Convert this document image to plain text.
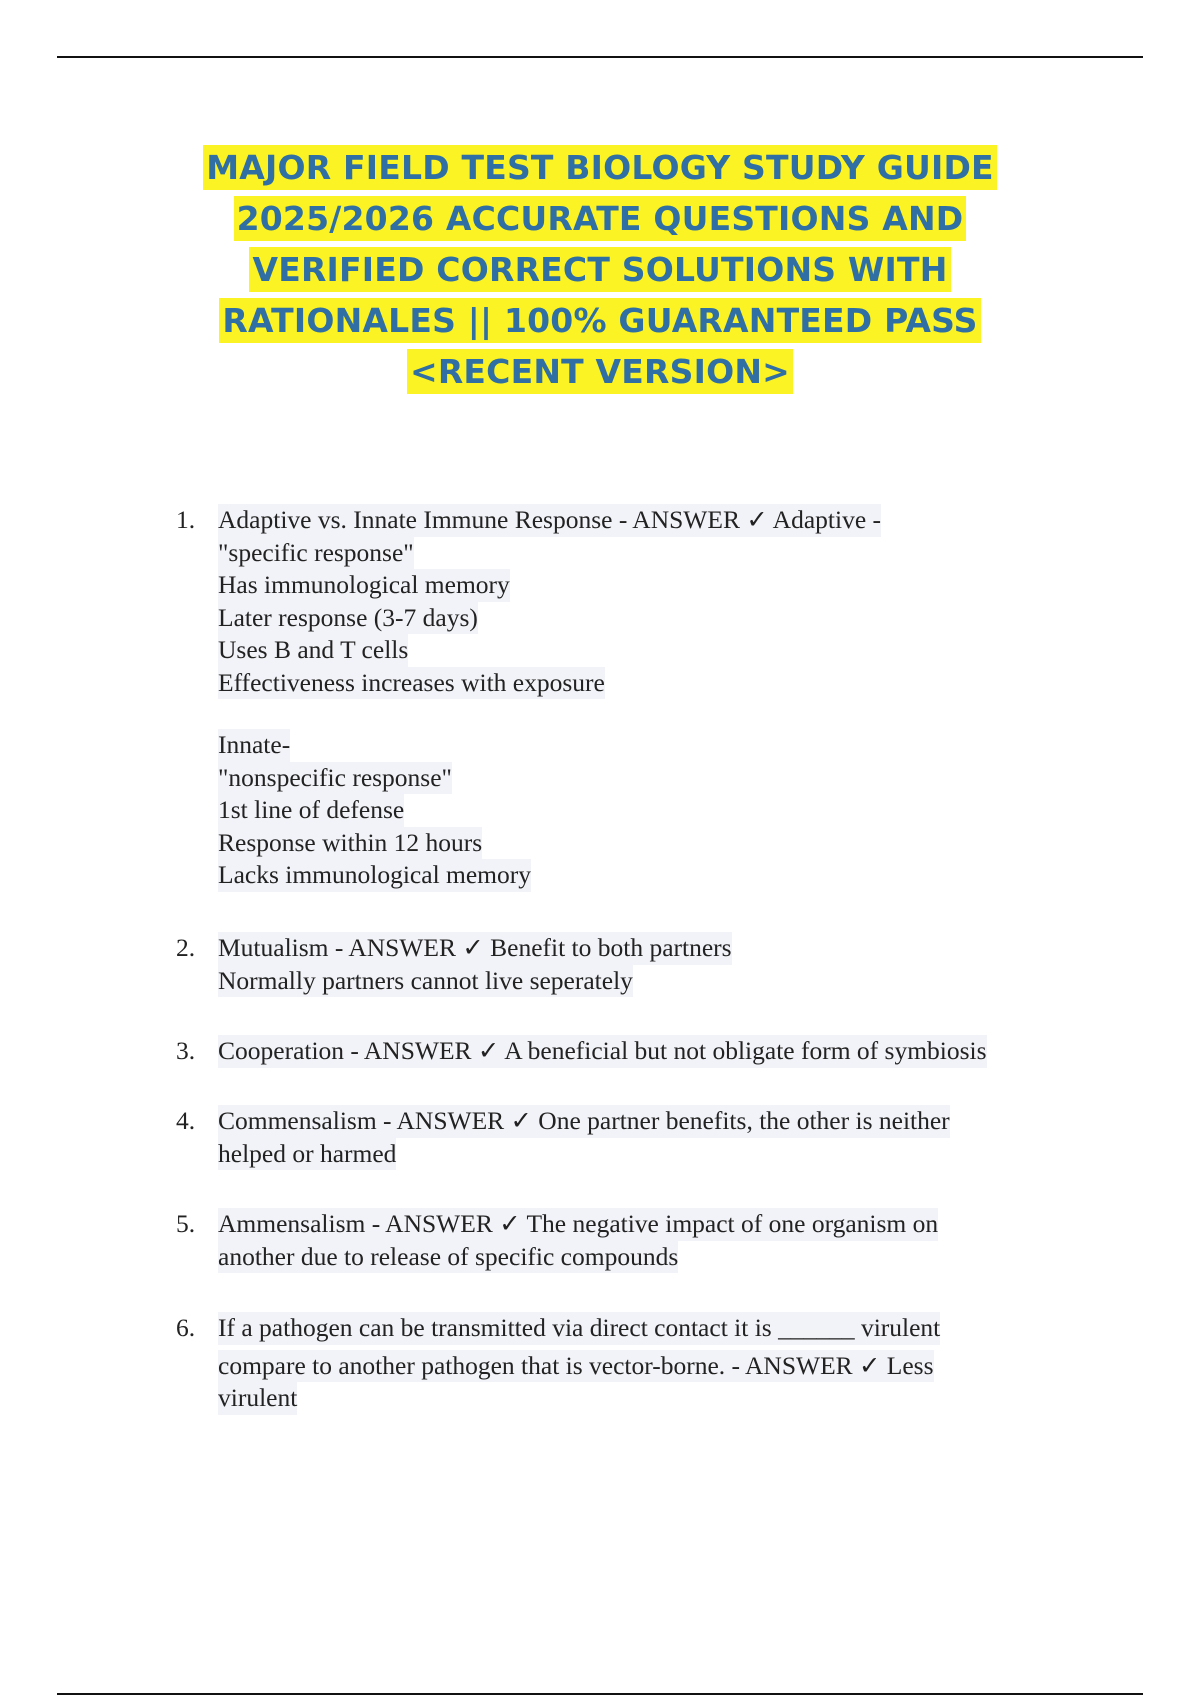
MAJOR FIELD TEST BIOLOGY STUDY GUIDE
2025/2026 ACCURATE QUESTIONS AND
VERIFIED CORRECT SOLUTIONS WITH
RATIONALES || 100% GUARANTEED PASS
<RECENT VERSION>
1. Adaptive vs. Innate Immune Response - ANSWER ✓ Adaptive -
"specific response"
Has immunological memory
Later response (3-7 days)
Uses B and T cells
Effectiveness increases with exposure

Innate-
"nonspecific response"
1st line of defense
Response within 12 hours
Lacks immunological memory
2. Mutualism - ANSWER ✓ Benefit to both partners
Normally partners cannot live seperately
3. Cooperation - ANSWER ✓ A beneficial but not obligate form of symbiosis
4. Commensalism - ANSWER ✓ One partner benefits, the other is neither
helped or harmed
5. Ammensalism - ANSWER ✓ The negative impact of one organism on
another due to release of specific compounds
6. If a pathogen can be transmitted via direct contact it is ______ virulent
compare to another pathogen that is vector-borne. - ANSWER ✓ Less
virulent
